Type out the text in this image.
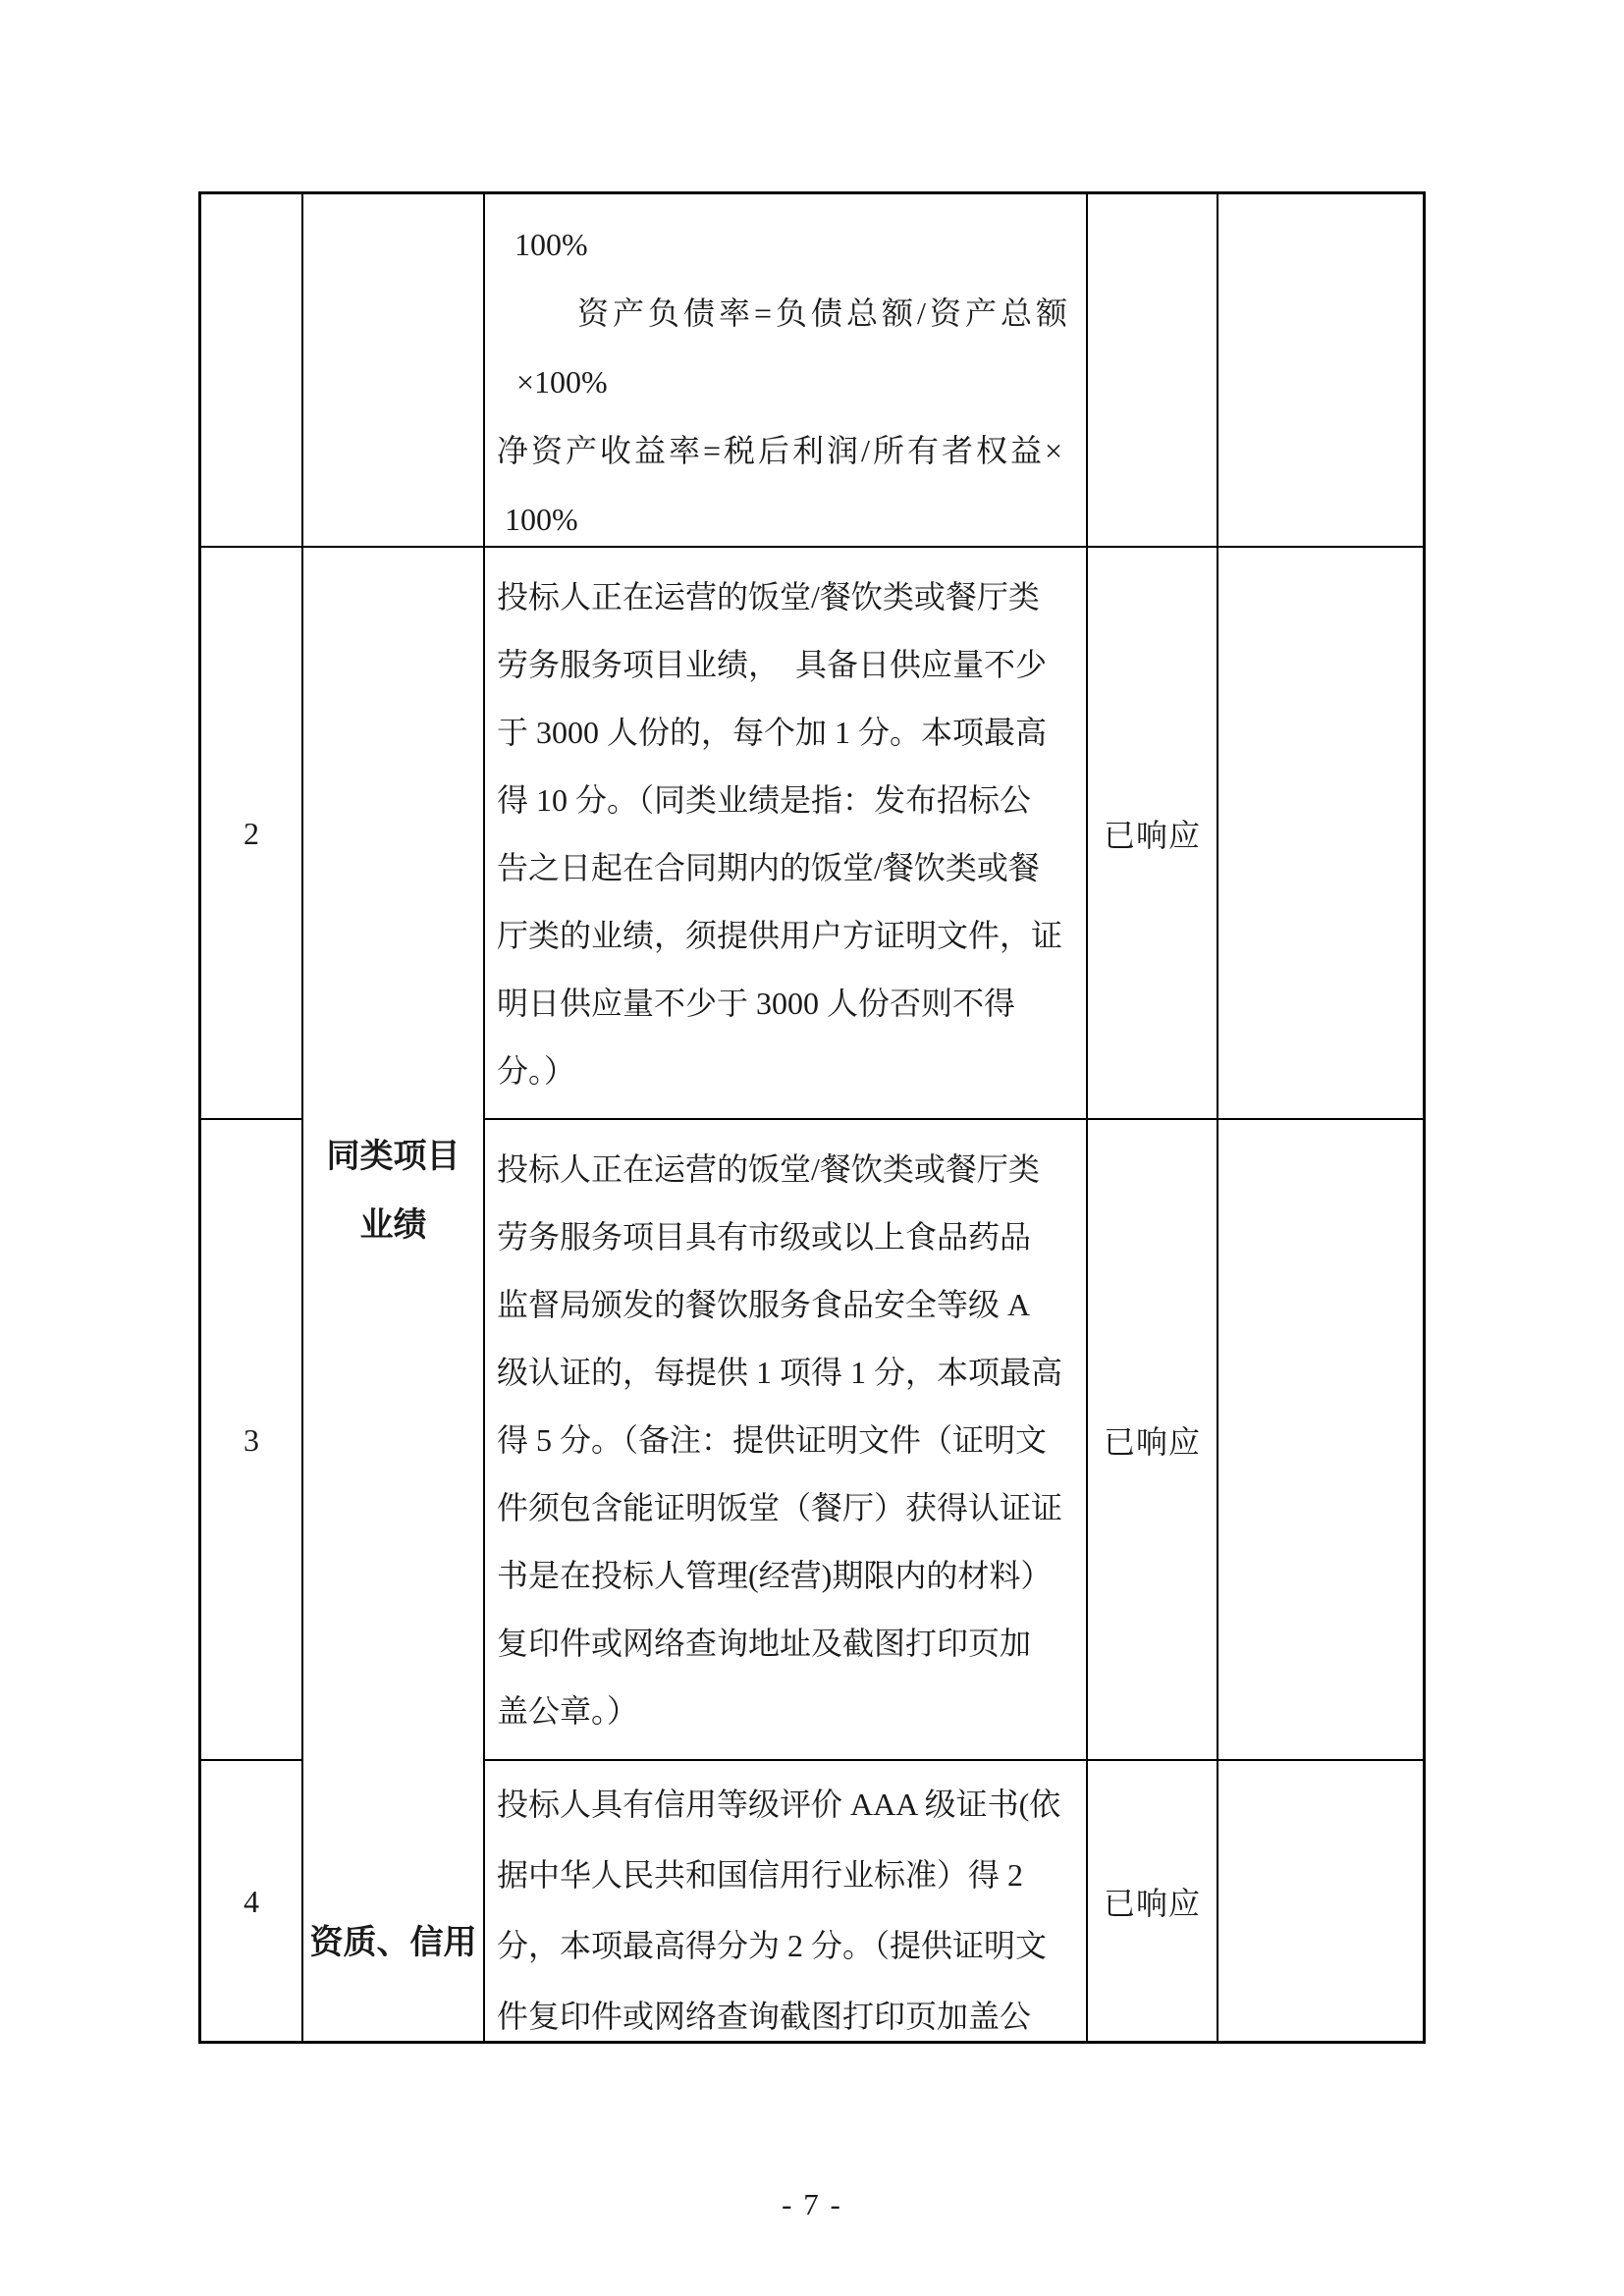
100%
资产负债率=负债总额/资产总额
×100%
净资产收益率=税后利润/所有者权益×
100%
2
同类项目
业绩
投标人正在运营的饭堂/餐饮类或餐厅类
劳务服务项目业绩，　具备日供应量不少
于 3000 人份的，每个加 1 分。本项最高
得 10 分。（同类业绩是指：发布招标公
告之日起在合同期内的饭堂/餐饮类或餐
厅类的业绩，须提供用户方证明文件，证
明日供应量不少于 3000 人份否则不得
分。）
已响应
3
投标人正在运营的饭堂/餐饮类或餐厅类
劳务服务项目具有市级或以上食品药品
监督局颁发的餐饮服务食品安全等级 A
级认证的，每提供 1 项得 1 分，本项最高
得 5 分。（备注：提供证明文件（证明文
件须包含能证明饭堂（餐厅）获得认证证
书是在投标人管理(经营)期限内的材料）
复印件或网络查询地址及截图打印页加
盖公章。）
已响应
4
资质、信用
投标人具有信用等级评价 AAA 级证书(依
据中华人民共和国信用行业标准）得 2
分，本项最高得分为 2 分。（提供证明文
件复印件或网络查询截图打印页加盖公
已响应
- 7 -
